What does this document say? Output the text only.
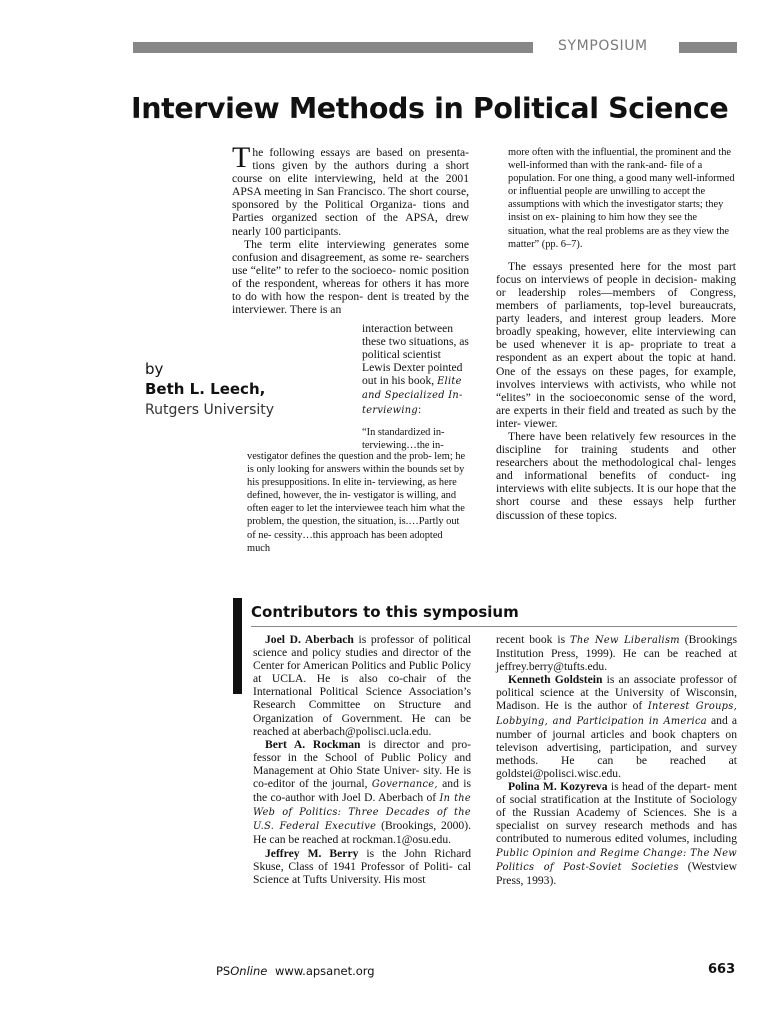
SYMPOSIUM
Interview Methods in Political Science
by
Beth L. Leech,
Rutgers University

The following essays are based on presenta- tions given by the authors during a short course on elite interviewing, held at the 2001 APSA meeting in San Francisco. The short course, sponsored by the Political Organiza- tions and Parties organized section of the APSA, drew nearly 100 participants.

The term elite interviewing generates some confusion and disagreement, as some re- searchers use “elite” to refer to the socioeco- nomic position of the respondent, whereas for others it has more to do with how the respon- dent is treated by the interviewer. There is an

interaction between these two situations, as political scientist Lewis Dexter pointed out in his book, Elite and Specialized In- terviewing:

“In standardized in- terviewing…the in-

vestigator defines the question and the prob- lem; he is only looking for answers within the bounds set by his presuppositions. In elite in- terviewing, as here defined, however, the in- vestigator is willing, and often eager to let the interviewee teach him what the problem, the question, the situation, is.…Partly out of ne- cessity…this approach has been adopted much

more often with the influential, the prominent and the well-informed than with the rank-and- file of a population. For one thing, a good many well-informed or influential people are unwilling to accept the assumptions with which the investigator starts; they insist on ex- plaining to him how they see the situation, what the real problems are as they view the matter” (pp. 6–7).

The essays presented here for the most part focus on interviews of people in decision- making or leadership roles—members of Congress, members of parliaments, top-level bureaucrats, party leaders, and interest group leaders. More broadly speaking, however, elite interviewing can be used whenever it is ap- propriate to treat a respondent as an expert about the topic at hand. One of the essays on these pages, for example, involves interviews with activists, who while not “elites” in the socioeconomic sense of the word, are experts in their field and treated as such by the inter- viewer.

There have been relatively few resources in the discipline for training students and other researchers about the methodological chal- lenges and informational benefits of conduct- ing interviews with elite subjects. It is our hope that the short course and these essays help further discussion of these topics.

Contributors to this symposium

Joel D. Aberbach is professor of political science and policy studies and director of the Center for American Politics and Public Policy at UCLA. He is also co-chair of the International Political Science Association’s Research Committee on Structure and Organization of Government. He can be reached at aberbach@polisci.ucla.edu.

Bert A. Rockman is director and pro- fessor in the School of Public Policy and Management at Ohio State Univer- sity. He is co-editor of the journal, Governance, and is the co-author with Joel D. Aberbach of In the Web of Politics: Three Decades of the U.S. Federal Executive (Brookings, 2000). He can be reached at rockman.1@osu.edu.

Jeffrey M. Berry is the John Richard Skuse, Class of 1941 Professor of Politi- cal Science at Tufts University. His most

recent book is The New Liberalism (Brookings Institution Press, 1999). He can be reached at jeffrey.berry@tufts.edu.

Kenneth Goldstein is an associate professor of political science at the University of Wisconsin, Madison. He is the author of Interest Groups, Lobbying, and Participation in America and a number of journal articles and book chapters on televison advertising, participation, and survey methods. He can be reached at goldstei@polisci.wisc.edu.

Polina M. Kozyreva is head of the depart- ment of social stratification at the Institute of Sociology of the Russian Academy of Sciences. She is a specialist on survey research methods and has contributed to numerous edited volumes, including Public Opinion and Regime Change: The New Politics of Post-Soviet Societies (Westview Press, 1993).

PSOnline www.apsanet.org	663
